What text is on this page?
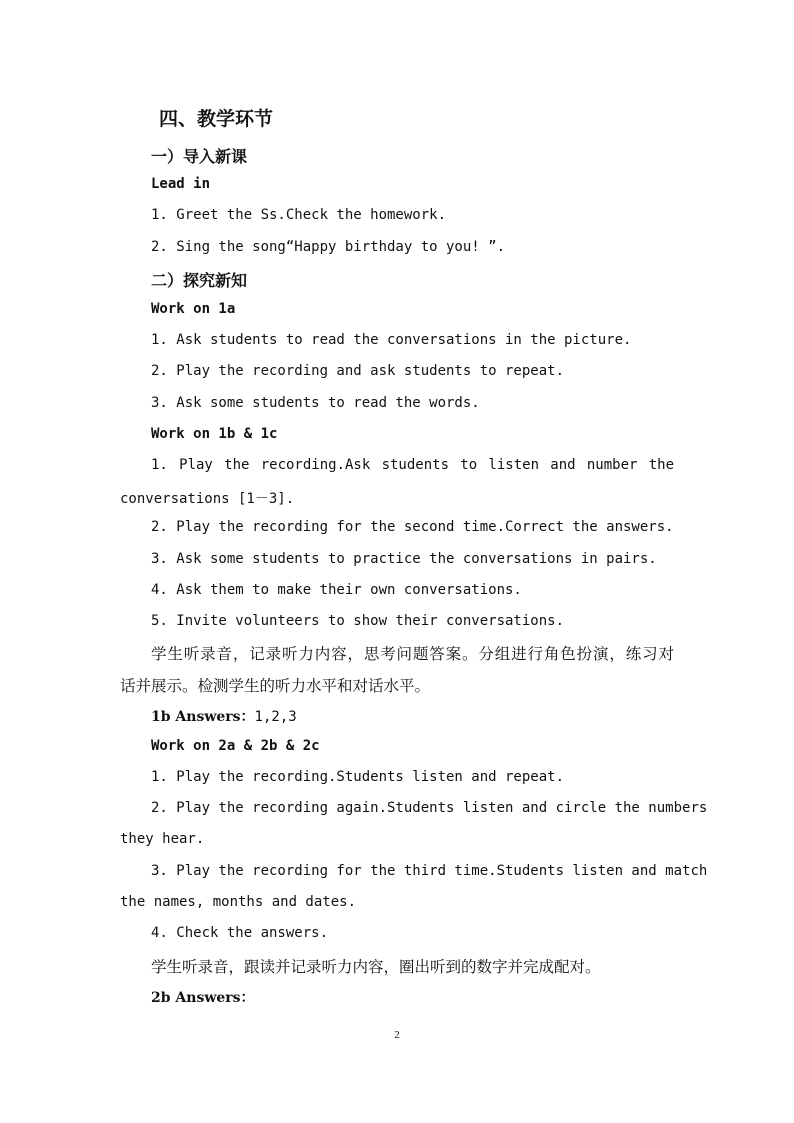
四、教学环节
一）导入新课
Lead in
1. Greet the Ss.Check the homework.
2. Sing the song“Happy birthday to you! ”.
二）探究新知
Work on 1a
1. Ask students to read the conversations in the picture.
2. Play the recording and ask students to repeat.
3. Ask some students to read the words.
Work on 1b & 1c
1. Play the recording.Ask students to listen and number the
conversations [1－3].
2. Play the recording for the second time.Correct the answers.
3. Ask some students to practice the conversations in pairs.
4. Ask them to make their own conversations.
5. Invite volunteers to show their conversations.
学生听录音，记录听力内容，思考问题答案。分组进行角色扮演，练习对
话并展示。检测学生的听力水平和对话水平。
1b Answers：1,2,3
Work on 2a & 2b & 2c
1. Play the recording.Students listen and repeat.
2. Play the recording again.Students listen and circle the numbers
they hear.
3. Play the recording for the third time.Students listen and match
the names, months and dates.
4. Check the answers.
学生听录音，跟读并记录听力内容，圈出听到的数字并完成配对。
2b Answers：
2
